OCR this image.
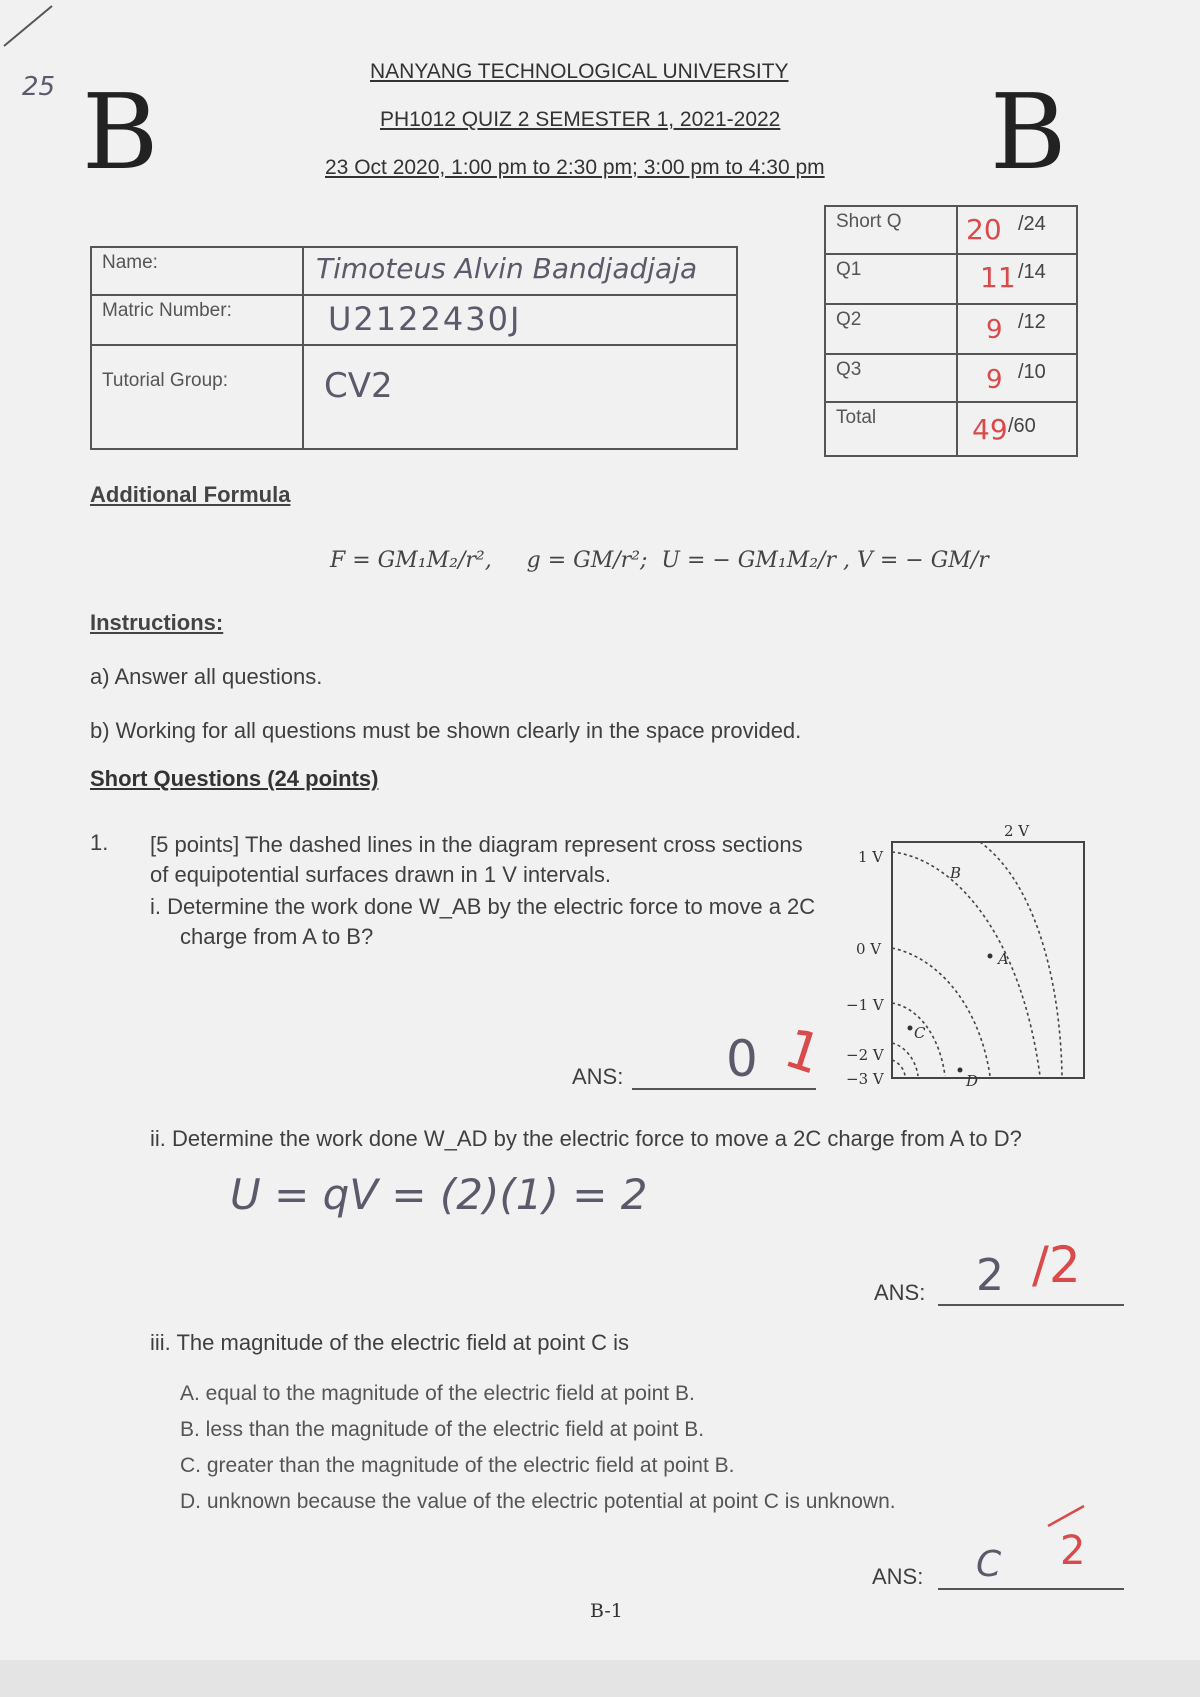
25 B	B
NANYANG TECHNOLOGICAL UNIVERSITY
PH1012 QUIZ 2 SEMESTER 1, 2021-2022
23 Oct 2020, 1:00 pm to 2:30 pm; 3:00 pm to 4:30 pm
Name:	Timoteus Alvin Bandjadjaja
Matric Number:	U2122430J
Tutorial Group:	CV2
Short Q	20 /24

Q1	11 /14

Q2	9 /12

Q3	9 /10

Total	49 /60
Additional Formula
F = GM₁M₂/r²,     g = GM/r²;  U = − GM₁M₂/r , V = − GM/r
Instructions:
a) Answer all questions.
b) Working for all questions must be shown clearly in the space provided.
Short Questions (24 points)
1. [5 points] The dashed lines in the diagram represent cross sections of equipotential surfaces drawn in 1 V intervals.
i. Determine the work done W_AB by the electric force to move a 2C charge from A to B?
ANS: 0 1
1 V
0 V
−1 V
−2 V
−3 V
2 V
B
A
C
D
ii. Determine the work done W_AD by the electric force to move a 2C charge from A to D?
U = qV = (2)(1) = 2
ANS: 2 /2
iii. The magnitude of the electric field at point C is
A. equal to the magnitude of the electric field at point B.
B. less than the magnitude of the electric field at point B.
C. greater than the magnitude of the electric field at point B.
D. unknown because the value of the electric potential at point C is unknown.
ANS: C 2
B-1
